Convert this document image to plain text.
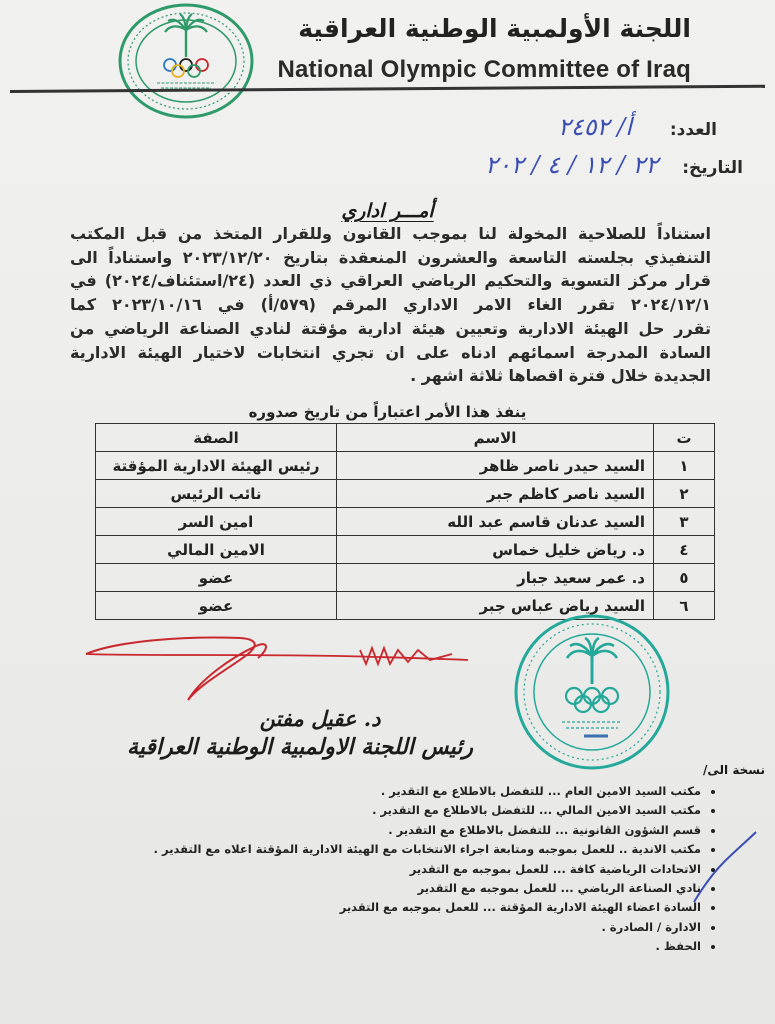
اللجنة الأولمبية الوطنية العراقية
National Olympic Committee of Iraq
العدد: أ/ ٢٤٥٢
التاريخ: ٢٢ / ١٢ / ٤ / ٢٠٢
أمـــر اداري
استناداً للصلاحية المخولة لنا بموجب القانون وللقرار المتخذ من قبل المكتب
التنفيذي بجلسته التاسعة والعشرون المنعقدة بتاريخ ٢٠٢٣/١٢/٢٠ واستناداً الى
قرار مركز التسوية والتحكيم الرياضي العراقي ذي العدد (٢٤/استئناف/٢٠٢٤) في
٢٠٢٤/١٢/١ تقرر الغاء الامر الاداري المرقم (٥٧٩/أ) في ٢٠٢٣/١٠/١٦ كما
تقرر حل الهيئة الادارية وتعيين هيئة ادارية مؤقتة لنادي الصناعة الرياضي من
السادة المدرجة اسمائهم ادناه على ان تجري انتخابات لاختيار الهيئة الادارية
الجديدة خلال فترة اقصاها ثلاثة اشهر .
ينفذ هذا الأمر اعتباراً من تاريخ صدوره
ت	الاسم	الصفة
١	السيد حيدر ناصر ظاهر	رئيس الهيئة الادارية المؤقتة
٢	السيد ناصر كاظم جبر	نائب الرئيس
٣	السيد عدنان قاسم عبد الله	امين السر
٤	د. رياض خليل خماس	الامين المالي
٥	د. عمر سعيد جبار	عضو
٦	السيد رياض عباس جبر	عضو
د. عقيل مفتن
رئيس اللجنة الاولمبية الوطنية العراقية
نسخة الى/
مكتب السيد الامين العام ... للتفضل بالاطلاع مع التقدير .
مكتب السيد الامين المالي ... للتفضل بالاطلاع مع التقدير .
قسم الشؤون القانونية ... للتفضل بالاطلاع مع التقدير .
مكتب الاندية .. للعمل بموجبه ومتابعة اجراء الانتخابات مع الهيئة الادارية المؤقتة اعلاه مع التقدير .
الاتحادات الرياضية كافة ... للعمل بموجبه مع التقدير
نادي الصناعة الرياضي ... للعمل بموجبه مع التقدير
السادة اعضاء الهيئة الادارية المؤقتة ... للعمل بموجبه مع التقدير
الادارة / الصادرة .
الحفظ .
